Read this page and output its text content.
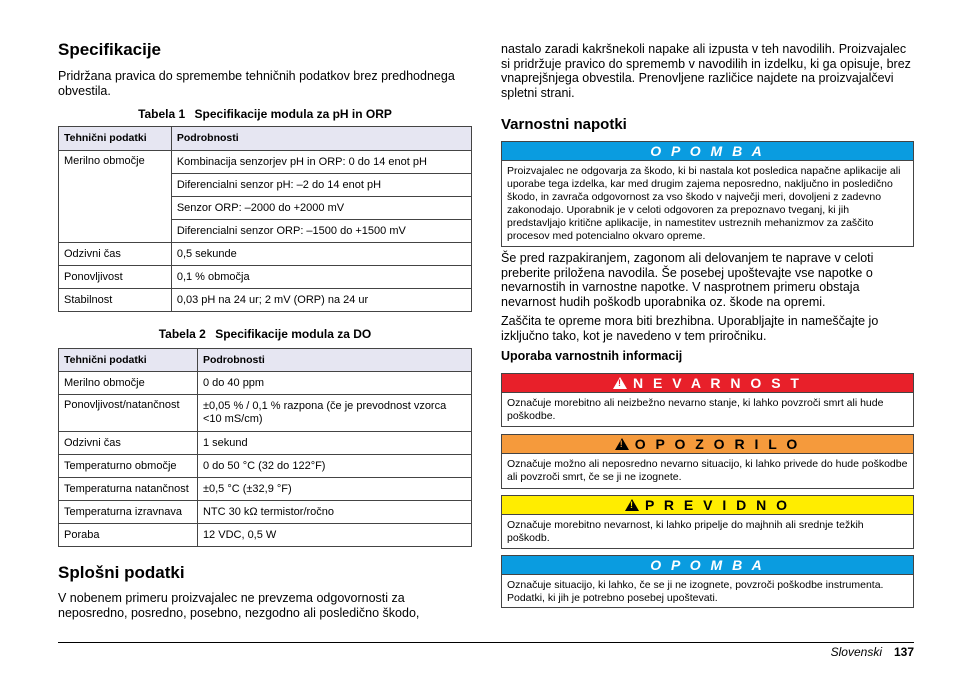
Specifikacije

Pridržana pravica do spremembe tehničnih podatkov brez predhodnega obvestila.

Tabela 1 Specifikacije modula za pH in ORP
Tehnični podatki	Podrobnosti
Merilno območje	Kombinacija senzorjev pH in ORP: 0 do 14 enot pH
	Diferencialni senzor pH: –2 do 14 enot pH
	Senzor ORP: –2000 do +2000 mV
	Diferencialni senzor ORP: –1500 do +1500 mV
Odzivni čas	0,5 sekunde
Ponovljivost	0,1 % območja
Stabilnost	0,03 pH na 24 ur; 2 mV (ORP) na 24 ur
Tabela 2 Specifikacije modula za DO
Tehnični podatki	Podrobnosti
Merilno območje	0 do 40 ppm
Ponovljivost/natančnost	±0,05 % / 0,1 % razpona (če je prevodnost vzorca <10 mS/cm)
Odzivni čas	1 sekund
Temperaturno območje	0 do 50 °C (32 do 122°F)
Temperaturna natančnost	±0,5 °C (±32,9 °F)
Temperaturna izravnava	NTC 30 kΩ termistor/ročno
Poraba	12 VDC, 0,5 W
Splošni podatki

V nobenem primeru proizvajalec ne prevzema odgovornosti za neposredno, posredno, posebno, nezgodno ali posledično škodo,

nastalo zaradi kakršnekoli napake ali izpusta v teh navodilih. Proizvajalec si pridržuje pravico do sprememb v navodilih in izdelku, ki ga opisuje, brez vnaprejšnjega obvestila. Prenovljene različice najdete na proizvajalčevi spletni strani.

Varnostni napotki
O P O M B A
Proizvajalec ne odgovarja za škodo, ki bi nastala kot posledica napačne aplikacije ali uporabe tega izdelka, kar med drugim zajema neposredno, naključno in posledično škodo, in zavrača odgovornost za vso škodo v največji meri, dovoljeni z zadevno zakonodajo. Uporabnik je v celoti odgovoren za prepoznavo tveganj, ki jih predstavljajo kritične aplikacije, in namestitev ustreznih mehanizmov za zaščito procesov med potencialno okvaro opreme.

Še pred razpakiranjem, zagonom ali delovanjem te naprave v celoti preberite priložena navodila. Še posebej upoštevajte vse napotke o nevarnostih in varnostne napotke. V nasprotnem primeru obstaja nevarnost hudih poškodb uporabnika oz. škode na opremi.

Zaščita te opreme mora biti brezhibna. Uporabljajte in nameščajte jo izključno tako, kot je navedeno v tem priročniku.

Uporaba varnostnih informacij
!N E V A R N O S T
Označuje morebitno ali neizbežno nevarno stanje, ki lahko povzroči smrt ali hude poškodbe.
!O P O Z O R I L O
Označuje možno ali neposredno nevarno situacijo, ki lahko privede do hude poškodbe ali povzroči smrt, če se ji ne izognete.
!P R E V I D N O
Označuje morebitno nevarnost, ki lahko pripelje do majhnih ali srednje težkih poškodb.
O P O M B A
Označuje situacijo, ki lahko, če se ji ne izognete, povzroči poškodbe instrumenta. Podatki, ki jih je potrebno posebej upoštevati.
Slovenski 137
